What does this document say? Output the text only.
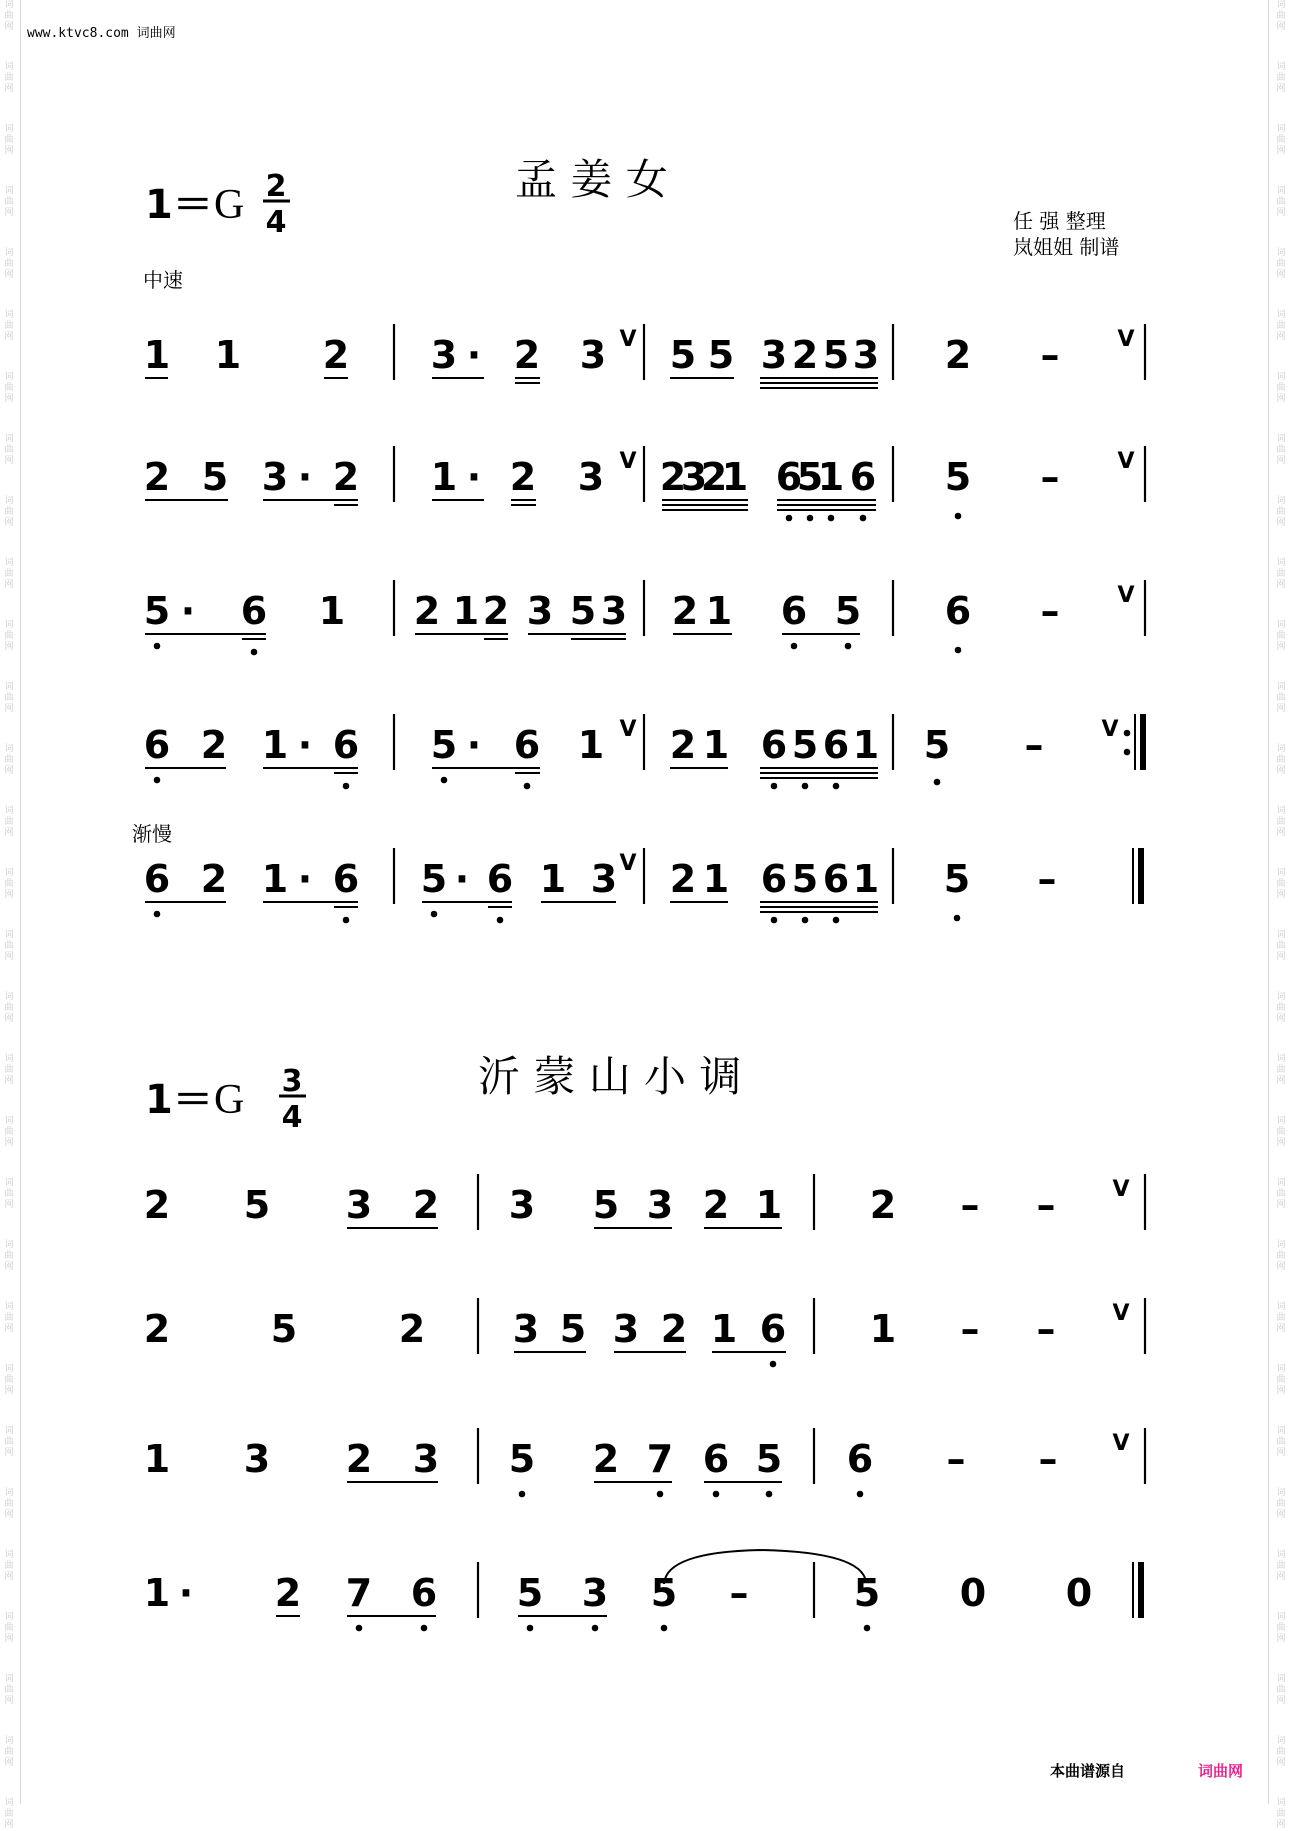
词
曲
网
词
曲
网
词
曲
网
词
曲
网
词
曲
网
词
曲
网
词
曲
网
词
曲
网
词
曲
网
词
曲
网
词
曲
网
词
曲
网
词
曲
网
词
曲
网
词
曲
网
词
曲
网
词
曲
网
词
曲
网
词
曲
网
词
曲
网
词
曲
网
词
曲
网
词
曲
网
词
曲
网
词
曲
网
词
曲
网
词
曲
网
词
曲
网
词
曲
网
词
曲
网
词
曲
网
词
曲
网
词
曲
网
词
曲
网
词
曲
网
词
曲
网
词
曲
网
词
曲
网
词
曲
网
词
曲
网
词
曲
网
词
曲
网
词
曲
网
词
曲
网
词
曲
网
词
曲
网
词
曲
网
词
曲
网
词
曲
网
词
曲
网
词
曲
网
词
曲
网
词
曲
网
词
曲
网
词
曲
网
词
曲
网
词
曲
网
词
曲
网
词
曲
网
词
曲
网
www.ktvc8.com 词曲网
孟 姜 女
任 强 整理
岚姐姐 制谱
中速
渐慢
沂 蒙 山 小 调
1＝ G 2
4
1＝ G 3
4
1 1 2 3 · 2 3 V 5 5 3 2 5 3 2 –	V
2 5 3 · 2 1 · 2 3 V 2
3
2
1 6
5
1 6 5 –	V
5 · 6 1 2 1 2 3 5 3 2 1 6 5 6 –	V
6 2 1 · 6 5 · 6 1 V 2 1 6 5 6 1 5 –	V
6 2 1 · 6 5 · 6 1 3 V 2 1 6 5 6 1 5 –
2 5 3 2 3 5 3 2 1 2 – –	V
2	5	2 3 5 3 2 1 6 1 – –	V
1 3 2 3 5 2 7 6 5 6 – – V
1 · 2 7 6 5 3 5 –	5 0 0
本曲谱源自	词曲网
